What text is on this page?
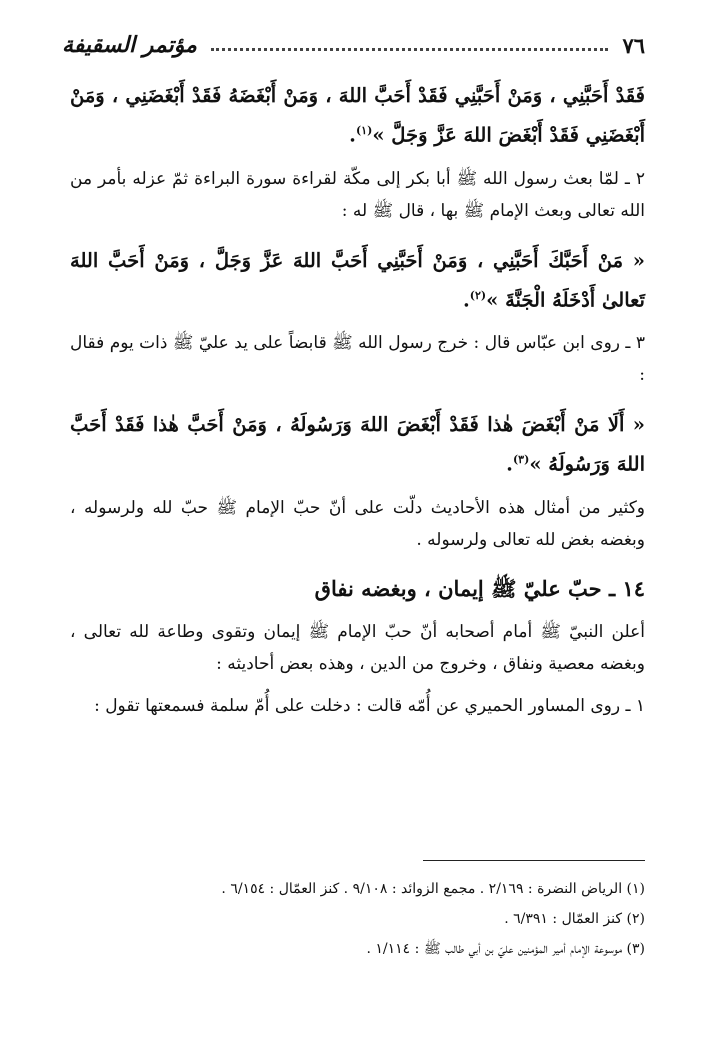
٧٦
مؤتمر السقيفة

فَقَدْ أَحَبَّنِي ، وَمَنْ أَحَبَّنِي فَقَدْ أَحَبَّ اللهَ ، وَمَنْ أَبْغَضَهُ فَقَدْ أَبْغَضَنِي ، وَمَنْ أَبْغَضَنِي فَقَدْ أَبْغَضَ اللهَ عَزَّ وَجَلَّ »$^{(١)}$.

٢ ـ لمّا بعث رسول الله ﷺ أبا بكر إلى مكّة لقراءة سورة البراءة ثمّ عزله بأمر من الله تعالى وبعث الإمام ﷺ بها ، قال ﷺ له :

« مَنْ أَحَبَّكَ أَحَبَّنِي ، وَمَنْ أَحَبَّنِي أَحَبَّ اللهَ عَزَّ وَجَلَّ ، وَمَنْ أَحَبَّ اللهَ تَعالىٰ أَدْخَلَهُ الْجَنَّةَ »$^{(٢)}$.

٣ ـ روى ابن عبّاس قال : خرج رسول الله ﷺ قابضاً على يد عليّ ﷺ ذات يوم فقال :

« أَلَا مَنْ أَبْغَضَ هٰذا فَقَدْ أَبْغَضَ اللهَ وَرَسُولَهُ ، وَمَنْ أَحَبَّ هٰذا فَقَدْ أَحَبَّ اللهَ وَرَسُولَهُ »$^{(٣)}$.

وكثير من أمثال هذه الأحاديث دلّت على أنّ حبّ الإمام ﷺ حبّ لله ولرسوله ، وبغضه بغض لله تعالى ولرسوله .

١٤ ـ حبّ عليّ ﷺ إيمان ، وبغضه نفاق

أعلن النبيّ ﷺ أمام أصحابه أنّ حبّ الإمام ﷺ إيمان وتقوى وطاعة لله تعالى ، وبغضه معصية ونفاق ، وخروج من الدين ، وهذه بعض أحاديثه :

١ ـ روى المساور الحميري عن أُمّه قالت : دخلت على أُمّ سلمة فسمعتها تقول :

(١) الرياض النضرة : ٢/١٦٩ . مجمع الزوائد : ٩/١٠٨ . كنز العمّال : ٦/١٥٤ .

(٢) كنز العمّال : ٦/٣٩١ .

(٣) موسوعة الإمام أمير المؤمنين عليّ بن أبي طالب ﷺ : ١/١١٤ .
